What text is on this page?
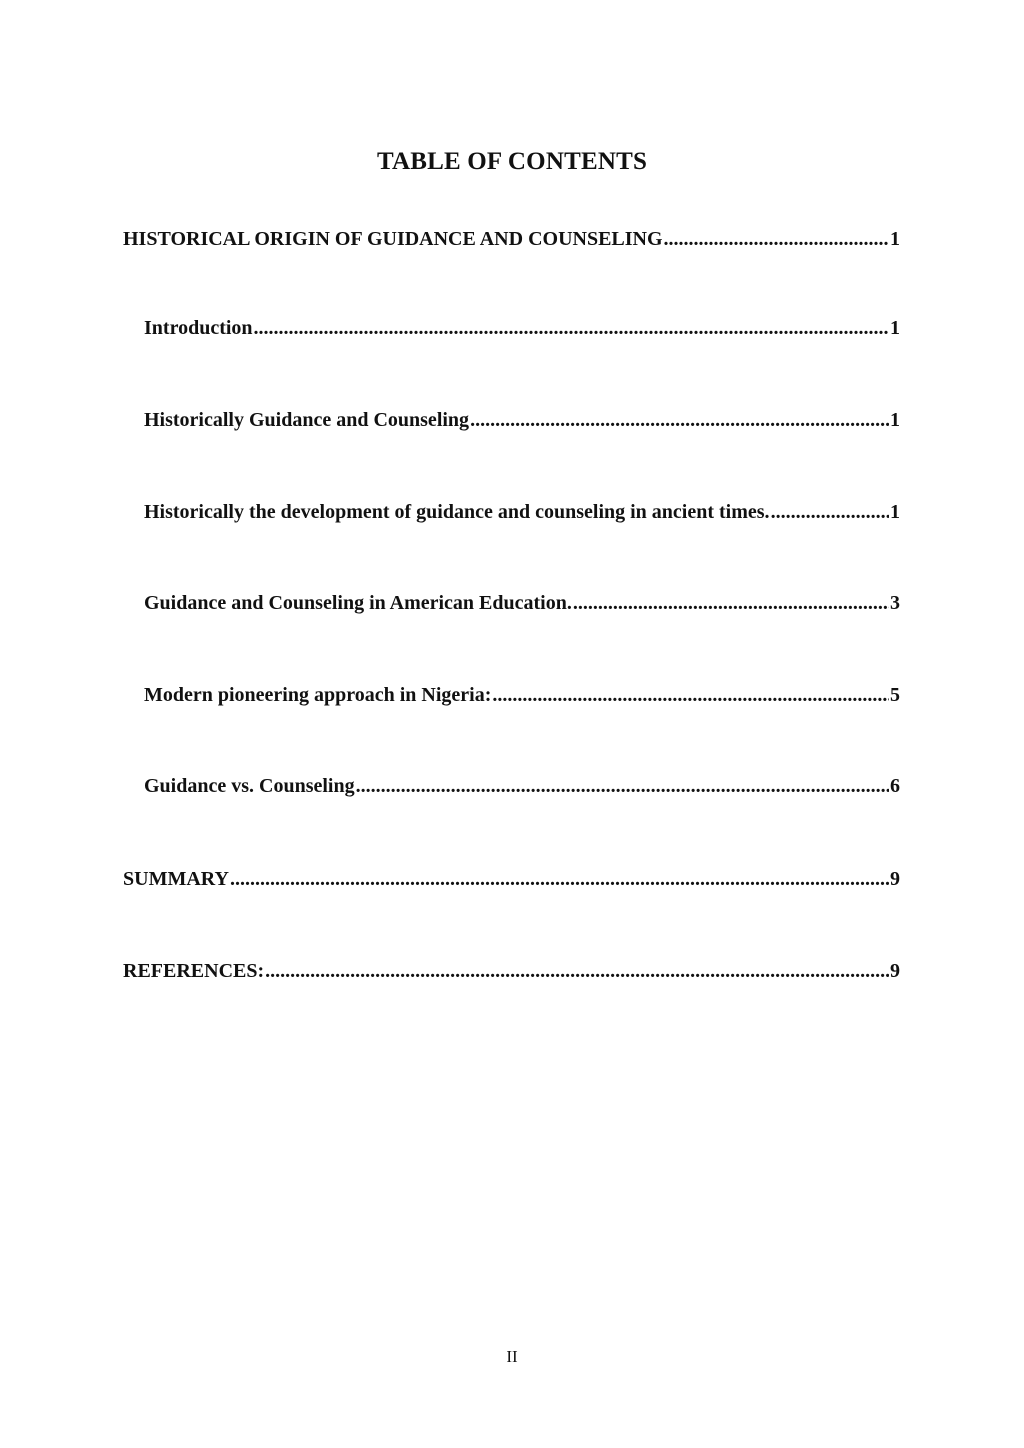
TABLE OF CONTENTS
HISTORICAL ORIGIN OF GUIDANCE AND COUNSELING .....	1
Introduction .....	1
Historically Guidance and Counseling .....	1
Historically the development of guidance and counseling in ancient times. .....	1
Guidance and Counseling in American Education. .....	3
Modern pioneering approach in Nigeria: .....	5
Guidance vs. Counseling .....	6
SUMMARY .....	9
REFERENCES: .....	9
II
